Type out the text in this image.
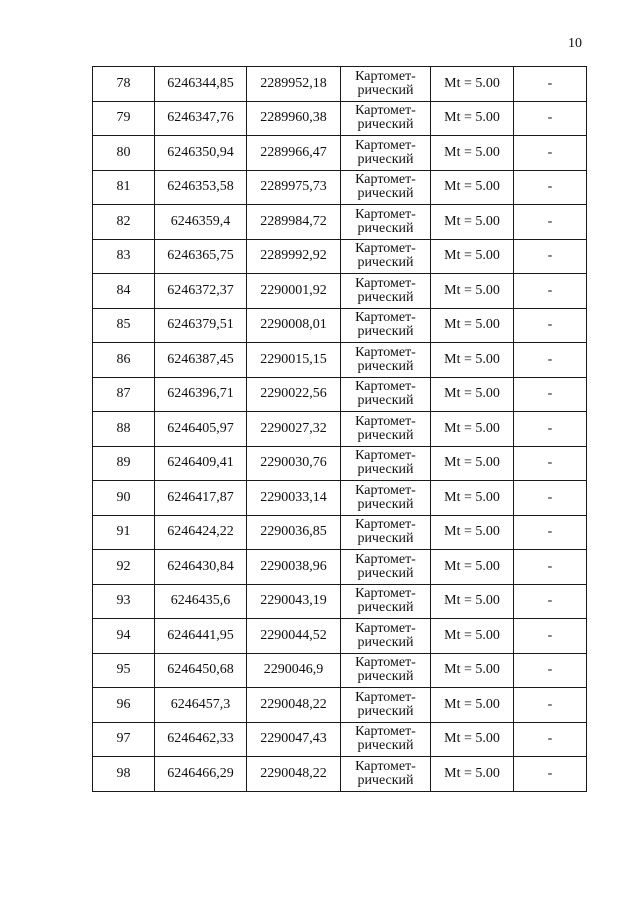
10
78	6246344,85	2289952,18	Картомет-
рический	Mt = 5.00	-
79	6246347,76	2289960,38	Картомет-
рический	Mt = 5.00	-
80	6246350,94	2289966,47	Картомет-
рический	Mt = 5.00	-
81	6246353,58	2289975,73	Картомет-
рический	Mt = 5.00	-
82	6246359,4	2289984,72	Картомет-
рический	Mt = 5.00	-
83	6246365,75	2289992,92	Картомет-
рический	Mt = 5.00	-
84	6246372,37	2290001,92	Картомет-
рический	Mt = 5.00	-
85	6246379,51	2290008,01	Картомет-
рический	Mt = 5.00	-
86	6246387,45	2290015,15	Картомет-
рический	Mt = 5.00	-
87	6246396,71	2290022,56	Картомет-
рический	Mt = 5.00	-
88	6246405,97	2290027,32	Картомет-
рический	Mt = 5.00	-
89	6246409,41	2290030,76	Картомет-
рический	Mt = 5.00	-
90	6246417,87	2290033,14	Картомет-
рический	Mt = 5.00	-
91	6246424,22	2290036,85	Картомет-
рический	Mt = 5.00	-
92	6246430,84	2290038,96	Картомет-
рический	Mt = 5.00	-
93	6246435,6	2290043,19	Картомет-
рический	Mt = 5.00	-
94	6246441,95	2290044,52	Картомет-
рический	Mt = 5.00	-
95	6246450,68	2290046,9	Картомет-
рический	Mt = 5.00	-
96	6246457,3	2290048,22	Картомет-
рический	Mt = 5.00	-
97	6246462,33	2290047,43	Картомет-
рический	Mt = 5.00	-
98	6246466,29	2290048,22	Картомет-
рический	Mt = 5.00	-
